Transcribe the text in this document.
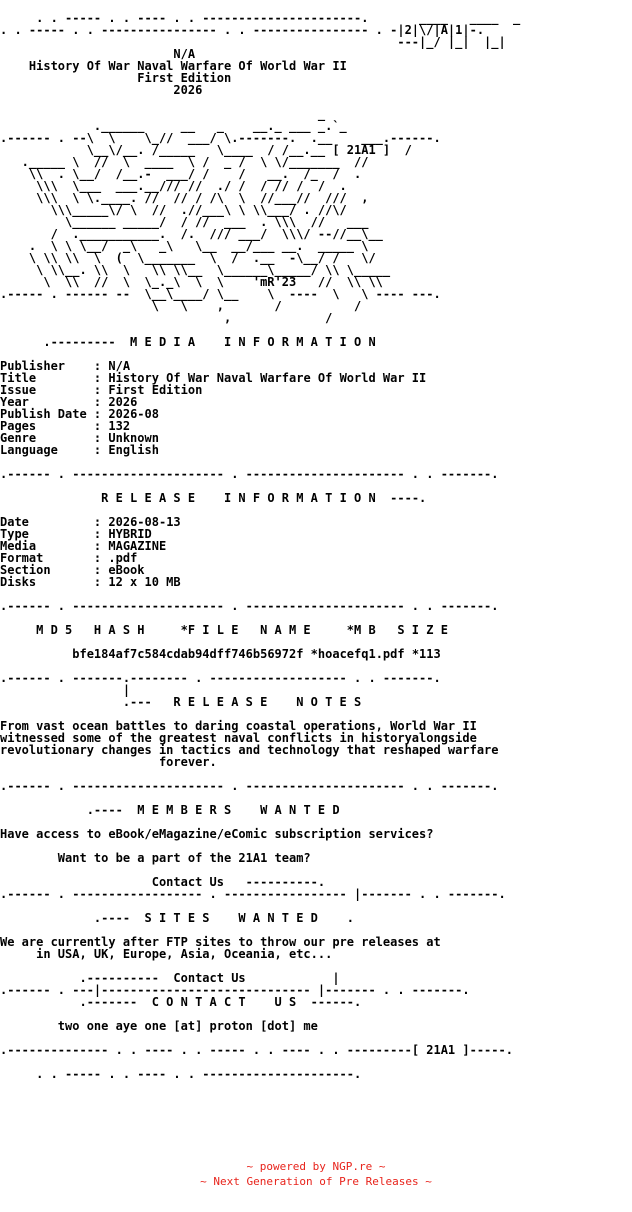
. . ----- . . ---- . . ----------------------.       ____   ____  _
. . ----- . . ---------------- . . ---------------- . -|2|\/|A|1|-.
---|_/ |_|  |_|
N/A
History Of War Naval Warfare Of World War II
First Edition
2026

_
.______     __   _    __._ ___ _.`_
.------ . --\  \    \_//  ___/ \.-------.  .__    ___.------.
\__\/__. /_____   \____  / /__.__ [ 21A1 ]  /
._____ \  //  \  ____  \ /  _ /  \ \/_______  //
\\  . \__/  /__.-  ___/ /    /   __.  /_  /  .
\\\  \___  ___.__/// //  ./ /  / // /  /  .
\\\  \ \.____. //  // / /\  \  //___//  ///  ,
\\\_____\/ \  //  .//___\ \ \\___/ . //\/
\______ _____/  / //  ___  . \\\  //   ___
/  .___________.  /.  /// ___/  \\\/ --//__\__
.  \ \ \__/  _\   _\   \__  __/___ __.  _____ \
\ \\ \\  \  (  \_______  \  /  .__  -\__/ /   \/
\ \\__. \\  \   \\ \\__  \______\_____/ \\ \_____
\  \\  //  \  \_._\  \  \    'mR'23   //  \\ \\
.----- . ------ --  \__\____/ \__    \  ----  \   \ ---- ---.
\   \    ,       /          /
,             /

.---------  M E D I A    I N F O R M A T I O N

Publisher    : N/A
Title        : History Of War Naval Warfare Of World War II
Issue        : First Edition
Year         : 2026
Publish Date : 2026-08
Pages        : 132
Genre        : Unknown
Language     : English

.------ . --------------------- . ---------------------- . . -------.

R E L E A S E    I N F O R M A T I O N  ----.

Date         : 2026-08-13
Type         : HYBRID
Media        : MAGAZINE
Format       : .pdf
Section      : eBook
Disks        : 12 x 10 MB

.------ . --------------------- . ---------------------- . . -------.

M D 5   H A S H     *F I L E   N A M E     *M B   S I Z E

bfe184af7c584cdab94dff746b56972f *hoacefq1.pdf *113

.------ . -------.-------- . ------------------- . . -------.
|
.---   R E L E A S E    N O T E S

From vast ocean battles to daring coastal operations, World War II
witnessed some of the greatest naval conflicts in historyalongside
revolutionary changes in tactics and technology that reshaped warfare
forever.

.------ . --------------------- . ---------------------- . . -------.

.----  M E M B E R S    W A N T E D

Have access to eBook/eMagazine/eComic subscription services?

Want to be a part of the 21A1 team?

Contact Us   ----------.
.------ . ------------------ . ----------------- |------- . . -------.

.----  S I T E S    W A N T E D    .

We are currently after FTP sites to throw our pre releases at
in USA, UK, Europe, Asia, Oceania, etc...

.----------  Contact Us            |
.------ . ---|----------------------------- |------- . . -------.
.-------  C O N T A C T    U S  ------.

two one aye one [at] proton [dot] me

.-------------- . . ---- . . ----- . . ---- . . ---------[ 21A1 ]-----.

. . ----- . . ---- . . ---------------------.
~ powered by NGP.re ~
~ Next Generation of Pre Releases ~
